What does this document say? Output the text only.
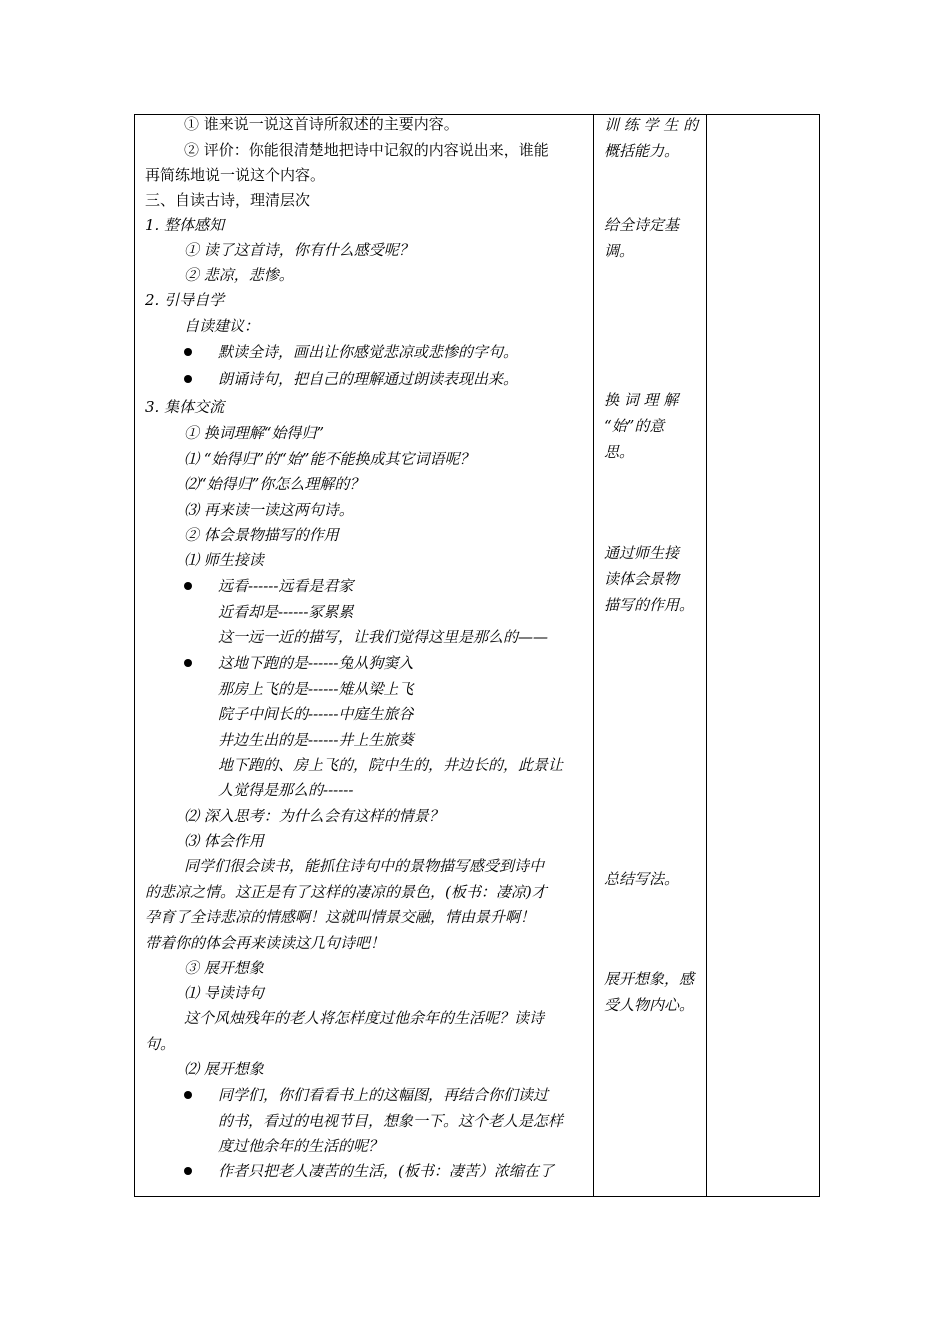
① 谁来说一说这首诗所叙述的主要内容。
② 评价：你能很清楚地把诗中记叙的内容说出来，谁能
再简练地说一说这个内容。
三、自读古诗，理清层次
1. 整体感知
① 读了这首诗，你有什么感受呢？
② 悲凉，悲惨。
2. 引导自学
自读建议：
默读全诗，画出让你感觉悲凉或悲惨的字句。
朗诵诗句，把自己的理解通过朗读表现出来。
3. 集体交流
① 换词理解“始得归”
⑴ “始得归”的“始”能不能换成其它词语呢？
⑵“始得归”你怎么理解的？
⑶ 再来读一读这两句诗。
② 体会景物描写的作用
⑴ 师生接读
远看------远看是君家
近看却是------冢累累
这一远一近的描写，让我们觉得这里是那么的——
这地下跑的是------兔从狗窦入
那房上飞的是------雉从梁上飞
院子中间长的------中庭生旅谷
井边生出的是------井上生旅葵
地下跑的、房上飞的，院中生的，井边长的，此景让
人觉得是那么的------
⑵ 深入思考：为什么会有这样的情景？
⑶ 体会作用
同学们很会读书，能抓住诗句中的景物描写感受到诗中
的悲凉之情。这正是有了这样的凄凉的景色，(板书：凄凉)才
孕育了全诗悲凉的情感啊！这就叫情景交融，情由景升啊！
带着你的体会再来读读这几句诗吧！
③ 展开想象
⑴ 导读诗句
这个风烛残年的老人将怎样度过他余年的生活呢？读诗
句。
⑵ 展开想象
同学们，你们看看书上的这幅图，再结合你们读过
的书，看过的电视节目，想象一下。这个老人是怎样
度过他余年的生活的呢？
作者只把老人凄苦的生活，(板书：凄苦）浓缩在了
训 练 学 生 的
概括能力。
给全诗定基
调。
换 词 理 解
“始”的意
思。
通过师生接
读体会景物
描写的作用。
总结写法。
展开想象，感
受人物内心。
